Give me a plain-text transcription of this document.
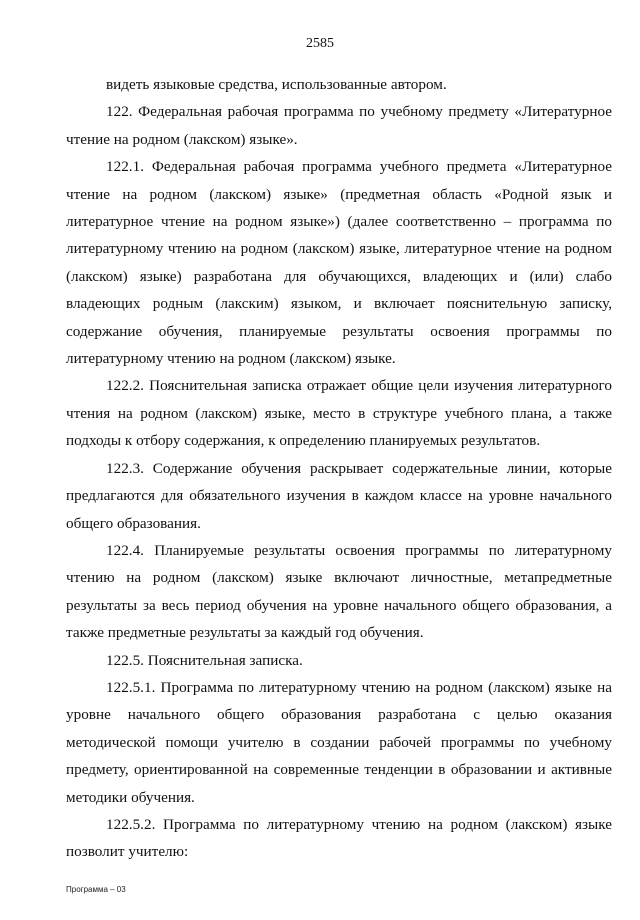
2585

видеть языковые средства, использованные автором.

122. Федеральная рабочая программа по учебному предмету «Литературное чтение на родном (лакском) языке».

122.1. Федеральная рабочая программа учебного предмета «Литературное чтение на родном (лакском) языке» (предметная область «Родной язык и литературное чтение на родном языке») (далее соответственно – программа по литературному чтению на родном (лакском) языке, литературное чтение на родном (лакском) языке) разработана для обучающихся, владеющих и (или) слабо владеющих родным (лакским) языком, и включает пояснительную записку, содержание обучения, планируемые результаты освоения программы по литературному чтению на родном (лакском) языке.

122.2. Пояснительная записка отражает общие цели изучения литературного чтения на родном (лакском) языке, место в структуре учебного плана, а также подходы к отбору содержания, к определению планируемых результатов.

122.3. Содержание обучения раскрывает содержательные линии, которые предлагаются для обязательного изучения в каждом классе на уровне начального общего образования.

122.4. Планируемые результаты освоения программы по литературному чтению на родном (лакском) языке включают личностные, метапредметные результаты за весь период обучения на уровне начального общего образования, а также предметные результаты за каждый год обучения.

122.5. Пояснительная записка.

122.5.1. Программа по литературному чтению на родном (лакском) языке на уровне начального общего образования разработана с целью оказания методической помощи учителю в создании рабочей программы по учебному предмету, ориентированной на современные тенденции в образовании и активные методики обучения.

122.5.2. Программа по литературному чтению на родном (лакском) языке позволит учителю:

Программа – 03
